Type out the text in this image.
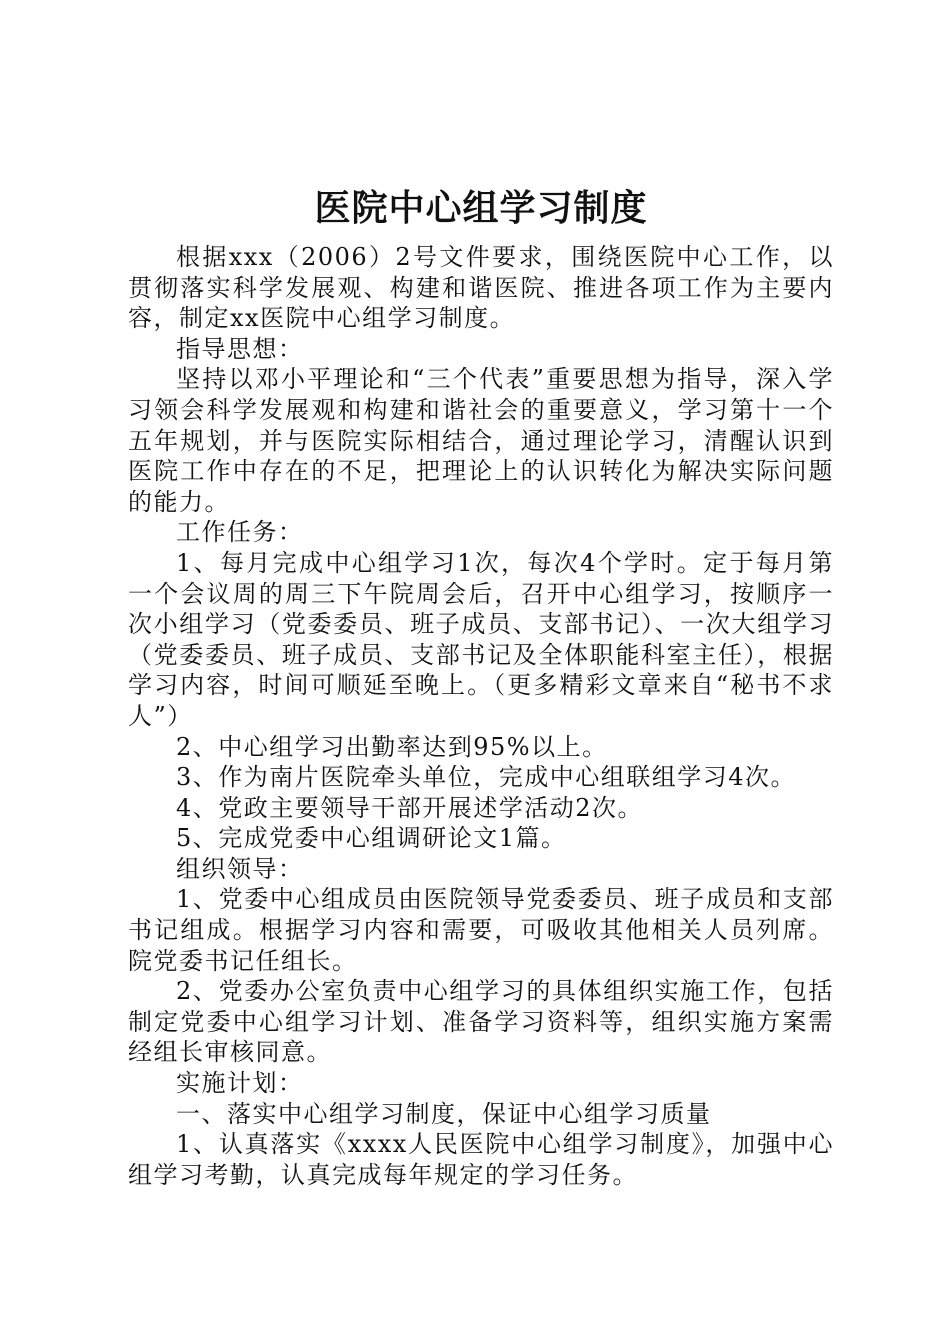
医院中心组学习制度

根据xxx（2006）2号文件要求，围绕医院中心工作，以贯彻落实科学发展观、构建和谐医院、推进各项工作为主要内容，制定xx医院中心组学习制度。

指导思想：

坚持以邓小平理论和“三个代表”重要思想为指导，深入学习领会科学发展观和构建和谐社会的重要意义，学习第十一个五年规划，并与医院实际相结合，通过理论学习，清醒认识到医院工作中存在的不足，把理论上的认识转化为解决实际问题的能力。

工作任务：

1、每月完成中心组学习1次，每次4个学时。定于每月第一个会议周的周三下午院周会后，召开中心组学习，按顺序一次小组学习（党委委员、班子成员、支部书记）、一次大组学习（党委委员、班子成员、支部书记及全体职能科室主任），根据学习内容，时间可顺延至晚上。（更多精彩文章来自“秘书不求人”）

2、中心组学习出勤率达到95%以上。

3、作为南片医院牵头单位，完成中心组联组学习4次。

4、党政主要领导干部开展述学活动2次。

5、完成党委中心组调研论文1篇。

组织领导：

1、党委中心组成员由医院领导党委委员、班子成员和支部书记组成。根据学习内容和需要，可吸收其他相关人员列席。院党委书记任组长。

2、党委办公室负责中心组学习的具体组织实施工作，包括制定党委中心组学习计划、准备学习资料等，组织实施方案需经组长审核同意。

实施计划：

一、落实中心组学习制度，保证中心组学习质量

1、认真落实《xxxx人民医院中心组学习制度》，加强中心组学习考勤，认真完成每年规定的学习任务。
